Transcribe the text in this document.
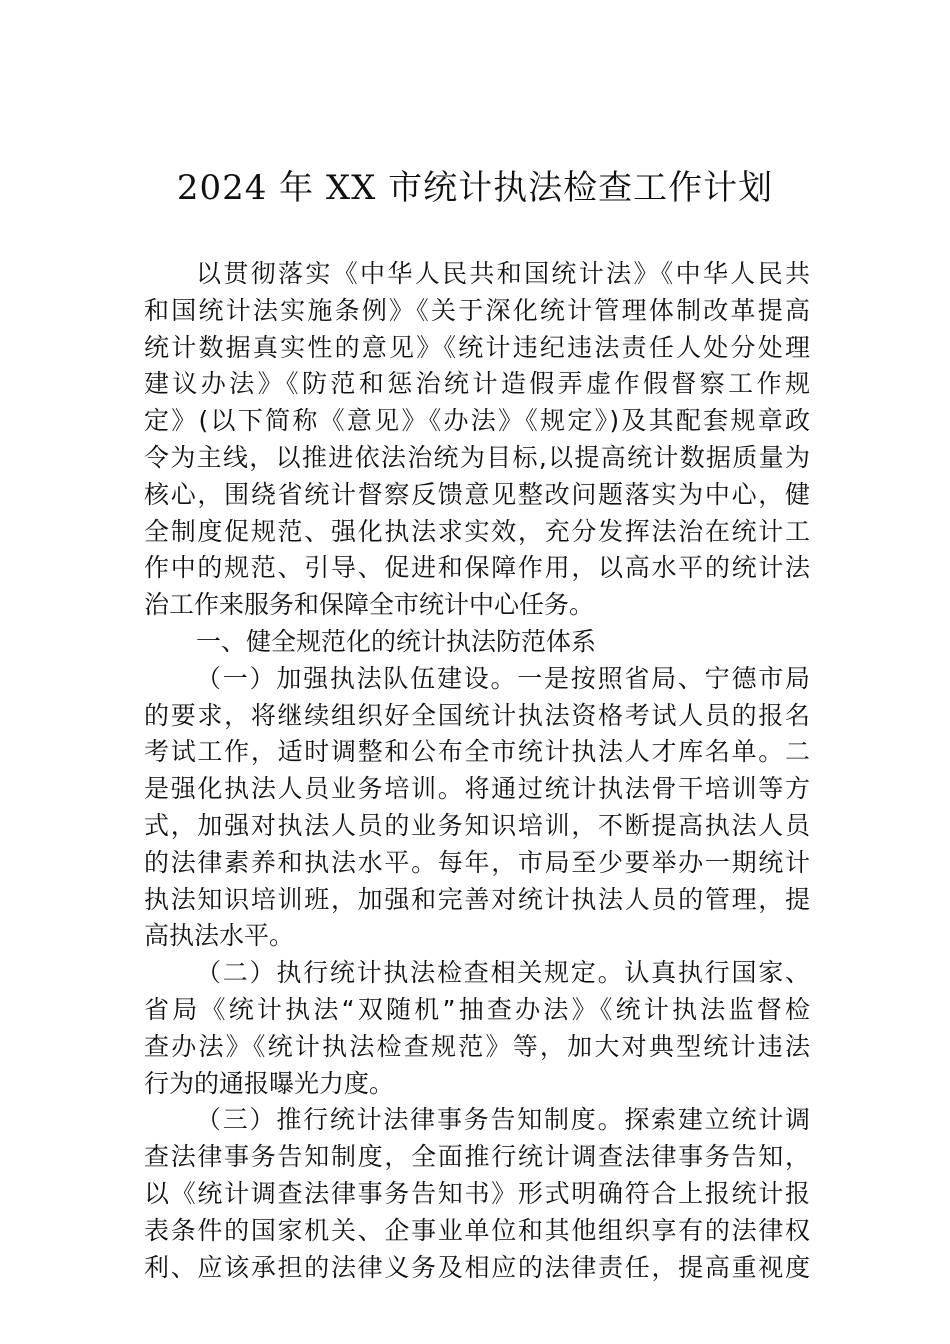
2024 年 XX 市统计执法检查工作计划
以贯彻落实《中华人民共和国统计法》《中华人民共
和国统计法实施条例》《关于深化统计管理体制改革提高
统计数据真实性的意见》《统计违纪违法责任人处分处理
建议办法》《防范和惩治统计造假弄虚作假督察工作规
定》(以下简称《意见》《办法》《规定》)及其配套规章政
令为主线，以推进依法治统为目标,以提高统计数据质量为
核心，围绕省统计督察反馈意见整改问题落实为中心，健
全制度促规范、强化执法求实效，充分发挥法治在统计工
作中的规范、引导、促进和保障作用，以高水平的统计法
治工作来服务和保障全市统计中心任务。
一、健全规范化的统计执法防范体系
（一）加强执法队伍建设。一是按照省局、宁德市局
的要求，将继续组织好全国统计执法资格考试人员的报名
考试工作，适时调整和公布全市统计执法人才库名单。二
是强化执法人员业务培训。将通过统计执法骨干培训等方
式，加强对执法人员的业务知识培训，不断提高执法人员
的法律素养和执法水平。每年，市局至少要举办一期统计
执法知识培训班，加强和完善对统计执法人员的管理，提
高执法水平。
（二）执行统计执法检查相关规定。认真执行国家、
省局《统计执法“双随机”抽查办法》《统计执法监督检
查办法》《统计执法检查规范》等，加大对典型统计违法
行为的通报曝光力度。
（三）推行统计法律事务告知制度。探索建立统计调
查法律事务告知制度，全面推行统计调查法律事务告知，
以《统计调查法律事务告知书》形式明确符合上报统计报
表条件的国家机关、企事业单位和其他组织享有的法律权
利、应该承担的法律义务及相应的法律责任，提高重视度
